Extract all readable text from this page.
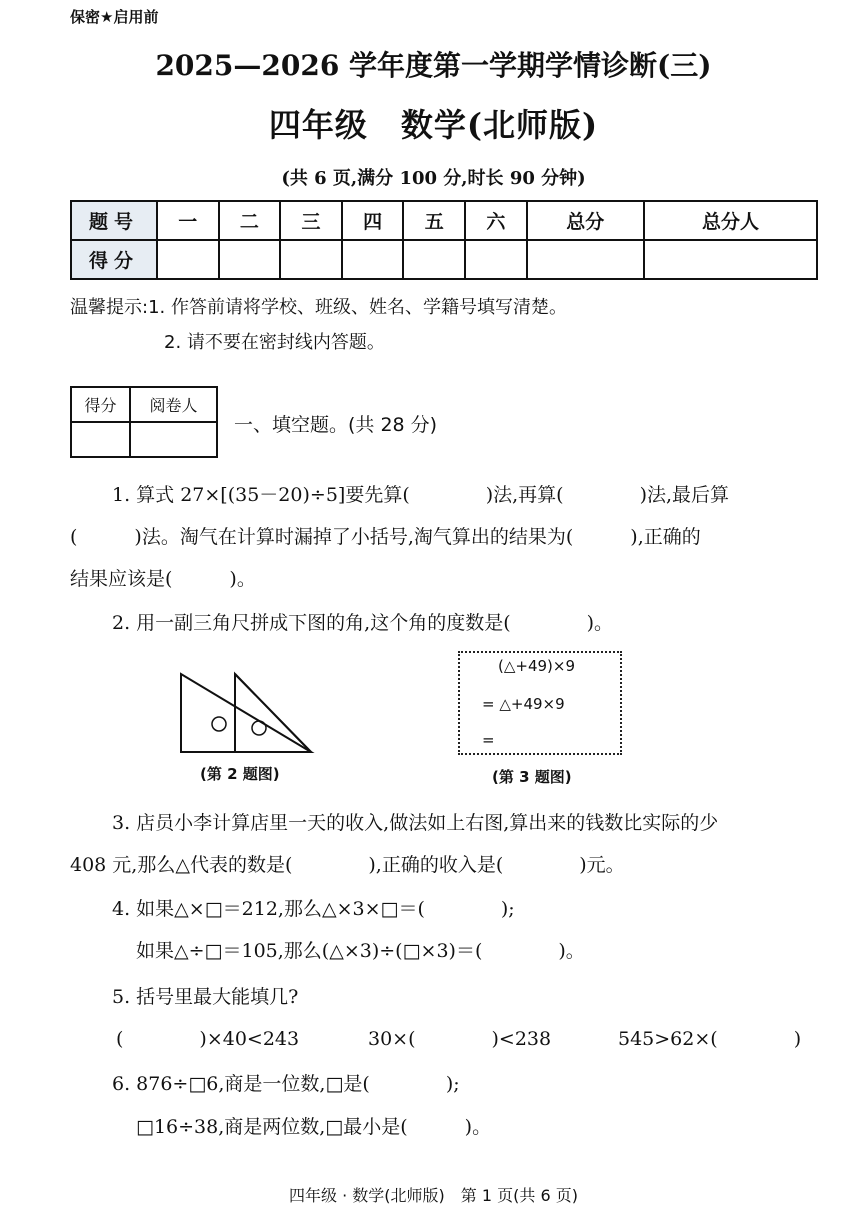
保密★启用前
2025—2026 学年度第一学期学情诊断(三)
四年级　数学(北师版)
(共 6 页,满分 100 分,时长 90 分钟)
题号	一	二	三	四	五	六	总分	总分人
得分								
温馨提示:1. 作答前请将学校、班级、姓名、学籍号填写清楚。
2. 请不要在密封线内答题。
得分	阅卷人

一、填空题。(共 28 分)
1. 算式 27×[(35－20)÷5]要先算(　　　　)法,再算(　　　　)法,最后算
(　　　)法。淘气在计算时漏掉了小括号,淘气算出的结果为(　　　),正确的
结果应该是(　　　)。
2. 用一副三角尺拼成下图的角,这个角的度数是(　　　　)。
(第 2 题图)
(△+49)×9
= △+49×9
=
(第 3 题图)
3. 店员小李计算店里一天的收入,做法如上右图,算出来的钱数比实际的少
408 元,那么△代表的数是(　　　　),正确的收入是(　　　　)元。
4. 如果△×□＝212,那么△×3×□＝(　　　　);
如果△÷□＝105,那么(△×3)÷(□×3)＝(　　　　)。
5. 括号里最大能填几?
(　　　　)×40<243	30×(　　　　)<238	545>62×(　　　　)
6. 876÷□6,商是一位数,□是(　　　　);
□16÷38,商是两位数,□最小是(　　　)。
四年级 · 数学(北师版)　第 1 页(共 6 页)
